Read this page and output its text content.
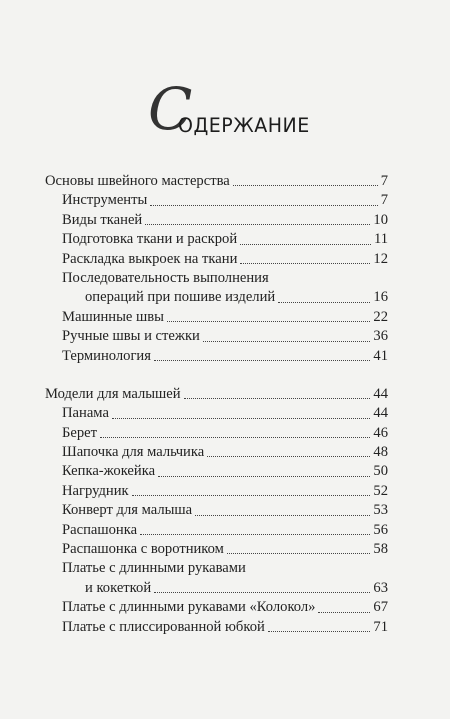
С
ОДЕРЖАНИЕ
Основы швейного мастерства	7
Инструменты	7
Виды тканей	10
Подготовка ткани и раскрой	11
Раскладка выкроек на ткани	12
Последовательность выполнения
операций при пошиве изделий	16
Машинные швы	22
Ручные швы и стежки	36
Терминология	41
Модели для малышей	44
Панама	44
Берет	46
Шапочка для мальчика	48
Кепка-жокейка	50
Нагрудник	52
Конверт для малыша	53
Распашонка	56
Распашонка с воротником	58
Платье с длинными рукавами
и кокеткой	63
Платье с длинными рукавами «Колокол»	67
Платье с плиссированной юбкой	71
